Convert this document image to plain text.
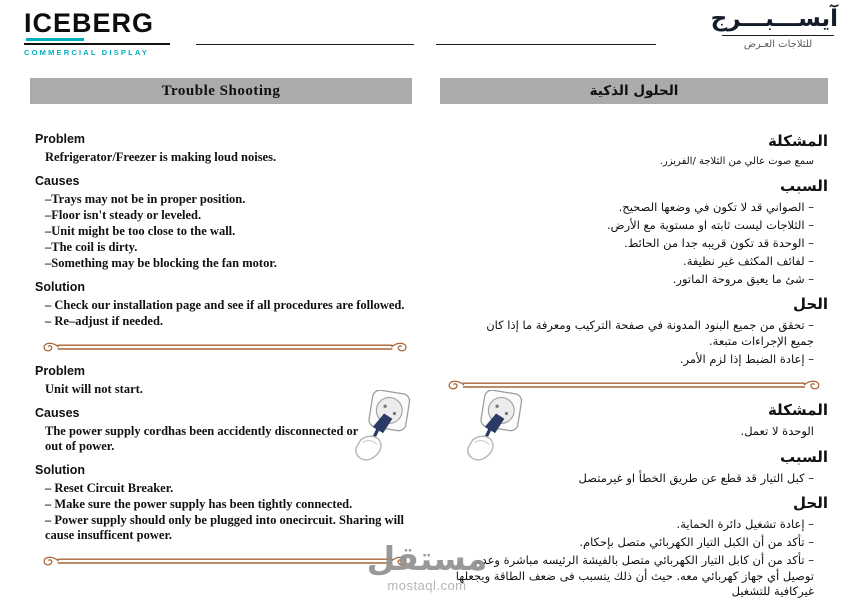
ICEBERG
COMMERCIAL DISPLAY
آيســـبـــرج
للثلاجات العـرض
Trouble Shooting	الحلول الذكية
Problem
Refrigerator/Freezer is making loud noises.
Causes
–Trays may not be in proper position.
–Floor isn't steady or leveled.
–Unit might be too close to the wall.
–The coil is dirty.
–Something may be blocking the fan motor.
Solution
– Check our installation page and see if all procedures are followed.
– Re–adjust if needed.
Problem
Unit will not start.
Causes
The power supply cordhas been accidently disconnected or out of power.
Solution
– Reset Circuit Breaker.
– Make sure the power supply has been tightly connected.
– Power supply should only be plugged into onecircuit. Sharing will cause insufficent power.
المشكلة
سمع صوت عالي من الثلاجة /الفريزر.
السبب
– الصواني قد لا تكون في وضعها الصحيح.
– الثلاجات ليست ثابته او مستوية مع الأرض.
– الوحدة قد تكون قريبه جدا من الحائط.
– لفائف المكثف غير نظيفة.
– شئ ما يعيق مروحة الماتور.
الحل
– تحقق من جميع البنود المدونة في صفحة التركيب ومعرفة ما إذا كان جميع الإجراءات متبعة.
– إعادة الضبط إذا لزم الأمر.
المشكلة
الوحدة لا تعمل.
السبب
– كبل التيار قد قطع عن طريق الخطأ او غيرمتصل
الحل
– إعادة تشغيل دائرة الحماية.
– تأكد من أن الكبل التيار الكهربائي متصل بإحكام.
– تأكد من أن كابل التيار الكهربائي متصل بالفيشة الرئيسه مباشرة وعدم توصيل أي جهاز كهربائي معه. حيث أن ذلك يتسبب فى ضعف الطاقة ويجعلها غيركافية للتشغيل
مستقل
mostaql.com
